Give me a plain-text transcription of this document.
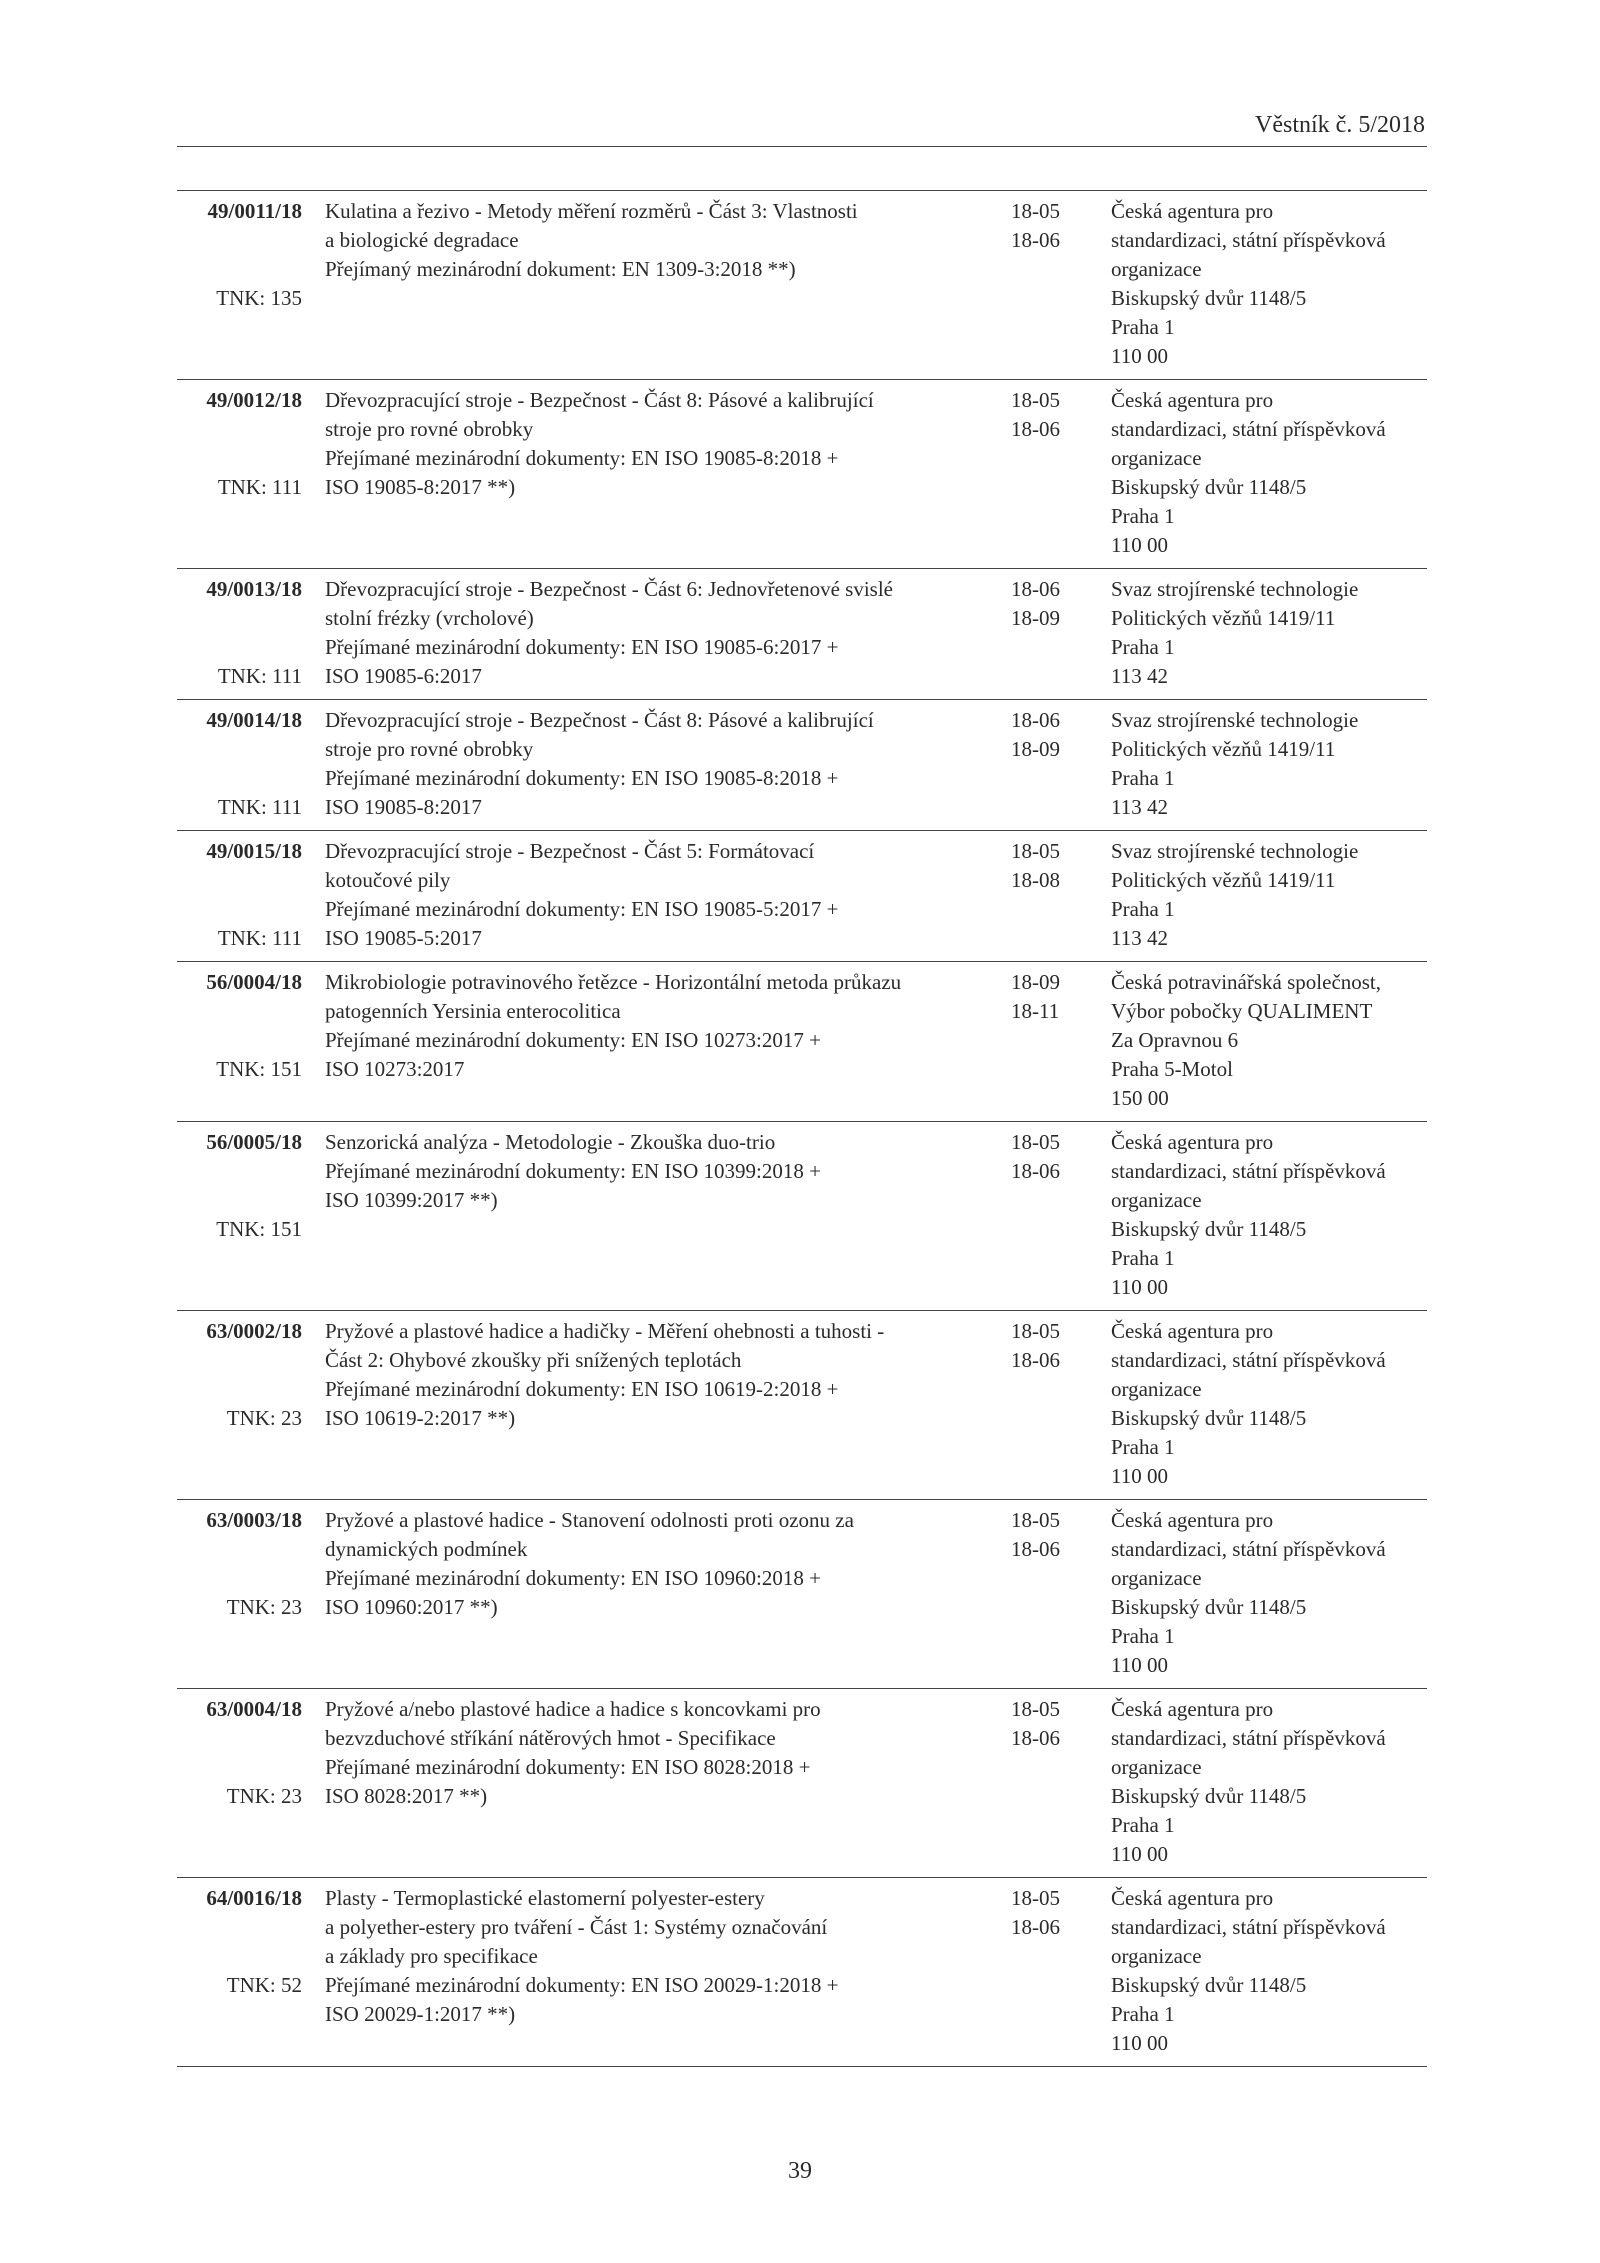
Věstník č. 5/2018
49/0011/18
TNK: 135
Kulatina a řezivo - Metody měření rozměrů - Část 3: Vlastnosti
a biologické degradace
Přejímaný mezinárodní dokument: EN 1309-3:2018 **)
18-05
18-06
Česká agentura pro
standardizaci, státní příspěvková
organizace
Biskupský dvůr 1148/5
Praha 1
110 00
49/0012/18
TNK: 111
Dřevozpracující stroje - Bezpečnost - Část 8: Pásové a kalibrující
stroje pro rovné obrobky
Přejímané mezinárodní dokumenty: EN ISO 19085-8:2018 +
ISO 19085-8:2017 **)
18-05
18-06
Česká agentura pro
standardizaci, státní příspěvková
organizace
Biskupský dvůr 1148/5
Praha 1
110 00
49/0013/18
TNK: 111
Dřevozpracující stroje - Bezpečnost - Část 6: Jednovřetenové svislé
stolní frézky (vrcholové)
Přejímané mezinárodní dokumenty: EN ISO 19085-6:2017 +
ISO 19085-6:2017
18-06
18-09
Svaz strojírenské technologie
Politických vězňů 1419/11
Praha 1
113 42
49/0014/18
TNK: 111
Dřevozpracující stroje - Bezpečnost - Část 8: Pásové a kalibrující
stroje pro rovné obrobky
Přejímané mezinárodní dokumenty: EN ISO 19085-8:2018 +
ISO 19085-8:2017
18-06
18-09
Svaz strojírenské technologie
Politických vězňů 1419/11
Praha 1
113 42
49/0015/18
TNK: 111
Dřevozpracující stroje - Bezpečnost - Část 5: Formátovací
kotoučové pily
Přejímané mezinárodní dokumenty: EN ISO 19085-5:2017 +
ISO 19085-5:2017
18-05
18-08
Svaz strojírenské technologie
Politických vězňů 1419/11
Praha 1
113 42
56/0004/18
TNK: 151
Mikrobiologie potravinového řetězce - Horizontální metoda průkazu
patogenních Yersinia enterocolitica
Přejímané mezinárodní dokumenty: EN ISO 10273:2017 +
ISO 10273:2017
18-09
18-11
Česká potravinářská společnost,
Výbor pobočky QUALIMENT
Za Opravnou 6
Praha 5-Motol
150 00
56/0005/18
TNK: 151
Senzorická analýza - Metodologie - Zkouška duo-trio
Přejímané mezinárodní dokumenty: EN ISO 10399:2018 +
ISO 10399:2017 **)
18-05
18-06
Česká agentura pro
standardizaci, státní příspěvková
organizace
Biskupský dvůr 1148/5
Praha 1
110 00
63/0002/18
TNK: 23
Pryžové a plastové hadice a hadičky - Měření ohebnosti a tuhosti -
Část 2: Ohybové zkoušky při snížených teplotách
Přejímané mezinárodní dokumenty: EN ISO 10619-2:2018 +
ISO 10619-2:2017 **)
18-05
18-06
Česká agentura pro
standardizaci, státní příspěvková
organizace
Biskupský dvůr 1148/5
Praha 1
110 00
63/0003/18
TNK: 23
Pryžové a plastové hadice - Stanovení odolnosti proti ozonu za
dynamických podmínek
Přejímané mezinárodní dokumenty: EN ISO 10960:2018 +
ISO 10960:2017 **)
18-05
18-06
Česká agentura pro
standardizaci, státní příspěvková
organizace
Biskupský dvůr 1148/5
Praha 1
110 00
63/0004/18
TNK: 23
Pryžové a/nebo plastové hadice a hadice s koncovkami pro
bezvzduchové stříkání nátěrových hmot - Specifikace
Přejímané mezinárodní dokumenty: EN ISO 8028:2018 +
ISO 8028:2017 **)
18-05
18-06
Česká agentura pro
standardizaci, státní příspěvková
organizace
Biskupský dvůr 1148/5
Praha 1
110 00
64/0016/18
TNK: 52
Plasty - Termoplastické elastomerní polyester-estery
a polyether-estery pro tváření - Část 1: Systémy označování
a základy pro specifikace
Přejímané mezinárodní dokumenty: EN ISO 20029-1:2018 +
ISO 20029-1:2017 **)
18-05
18-06
Česká agentura pro
standardizaci, státní příspěvková
organizace
Biskupský dvůr 1148/5
Praha 1
110 00
39
